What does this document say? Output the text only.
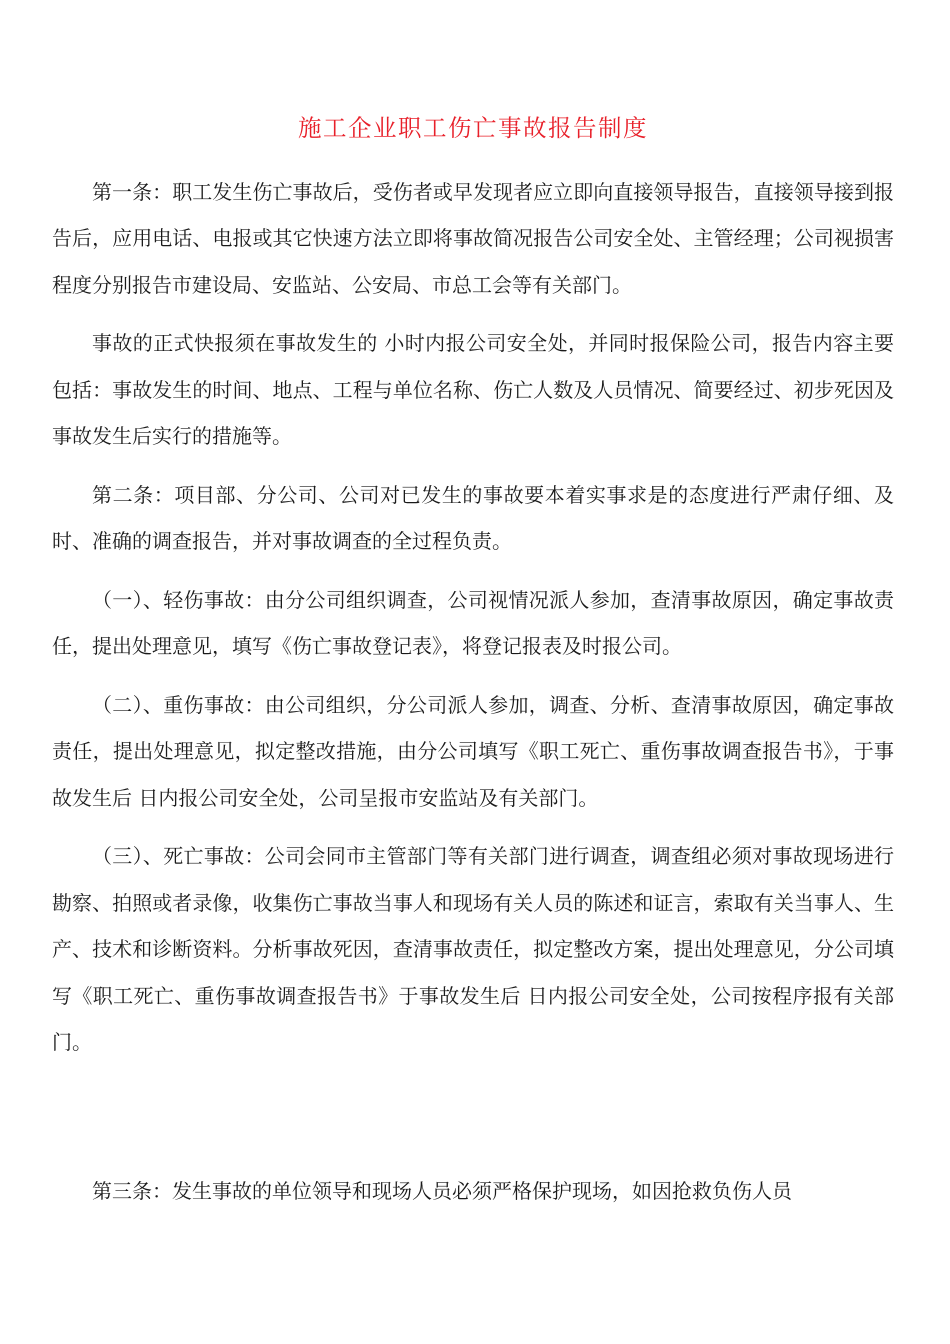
施工企业职工伤亡事故报告制度

第一条：职工发生伤亡事故后，受伤者或早发现者应立即向直接领导报告，直接领导接到报告后，应用电话、电报或其它快速方法立即将事故简况报告公司安全处、主管经理；公司视损害程度分别报告市建设局、安监站、公安局、市总工会等有关部门。

事故的正式快报须在事故发生的 小时内报公司安全处，并同时报保险公司，报告内容主要包括：事故发生的时间、地点、工程与单位名称、伤亡人数及人员情况、简要经过、初步死因及事故发生后实行的措施等。

第二条：项目部、分公司、公司对已发生的事故要本着实事求是的态度进行严肃仔细、及时、准确的调查报告，并对事故调查的全过程负责。

（一）、轻伤事故：由分公司组织调查，公司视情况派人参加，查清事故原因，确定事故责任，提出处理意见，填写《伤亡事故登记表》，将登记报表及时报公司。

（二）、重伤事故：由公司组织，分公司派人参加，调查、分析、查清事故原因，确定事故责任，提出处理意见，拟定整改措施，由分公司填写《职工死亡、重伤事故调查报告书》，于事故发生后 日内报公司安全处，公司呈报市安监站及有关部门。

（三）、死亡事故：公司会同市主管部门等有关部门进行调查，调查组必须对事故现场进行勘察、拍照或者录像，收集伤亡事故当事人和现场有关人员的陈述和证言，索取有关当事人、生产、技术和诊断资料。分析事故死因，查清事故责任，拟定整改方案，提出处理意见，分公司填写《职工死亡、重伤事故调查报告书》于事故发生后 日内报公司安全处，公司按程序报有关部门。

第三条：发生事故的单位领导和现场人员必须严格保护现场，如因抢救负伤人员
